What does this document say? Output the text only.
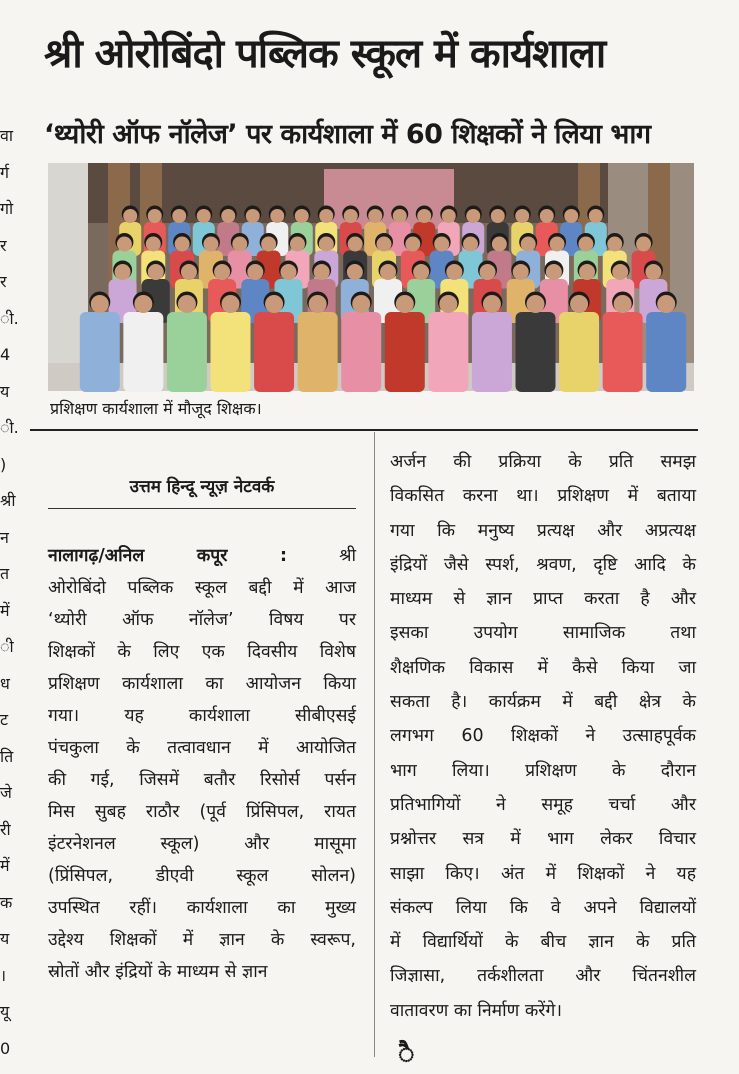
श्री ओरोबिंदो पब्लिक स्कूल में कार्यशाला
‘थ्योरी ऑफ नॉलेज’ पर कार्यशाला में 60 शिक्षकों ने लिया भाग
प्रशिक्षण कार्यशाला में मौजूद शिक्षक।
वा
र्ग
गो
र
र
ी.
4
य
ी.
)
श्री
न
त
में
ी
ध
ट
ति
जे
री
में
क
य
।
यू
0
उत्तम हिन्दू न्यूज़ नेटवर्क
नालागढ़/अनिल कपूर : श्री
ओरोबिंदो पब्लिक स्कूल बद्दी में आज
‘थ्योरी ऑफ नॉलेज’ विषय पर
शिक्षकों के लिए एक दिवसीय विशेष
प्रशिक्षण कार्यशाला का आयोजन किया
गया। यह कार्यशाला सीबीएसई
पंचकुला के तत्वावधान में आयोजित
की गई, जिसमें बतौर रिसोर्स पर्सन
मिस सुबह राठौर (पूर्व प्रिंसिपल, रायत
इंटरनेशनल स्कूल) और मासूमा
(प्रिंसिपल, डीएवी स्कूल सोलन)
उपस्थित रहीं। कार्यशाला का मुख्य
उद्देश्य शिक्षकों में ज्ञान के स्वरूप,
स्रोतों और इंद्रियों के माध्यम से ज्ञान
अर्जन की प्रक्रिया के प्रति समझ
विकसित करना था। प्रशिक्षण में बताया
गया कि मनुष्य प्रत्यक्ष और अप्रत्यक्ष
इंद्रियों जैसे स्पर्श, श्रवण, दृष्टि आदि के
माध्यम से ज्ञान प्राप्त करता है और
इसका उपयोग सामाजिक तथा
शैक्षणिक विकास में कैसे किया जा
सकता है। कार्यक्रम में बद्दी क्षेत्र के
लगभग 60 शिक्षकों ने उत्साहपूर्वक
भाग लिया। प्रशिक्षण के दौरान
प्रतिभागियों ने समूह चर्चा और
प्रश्नोत्तर सत्र में भाग लेकर विचार
साझा किए। अंत में शिक्षकों ने यह
संकल्प लिया कि वे अपने विद्यालयों
में विद्यार्थियों के बीच ज्ञान के प्रति
जिज्ञासा, तर्कशीलता और चिंतनशील
वातावरण का निर्माण करेंगे।
ै
